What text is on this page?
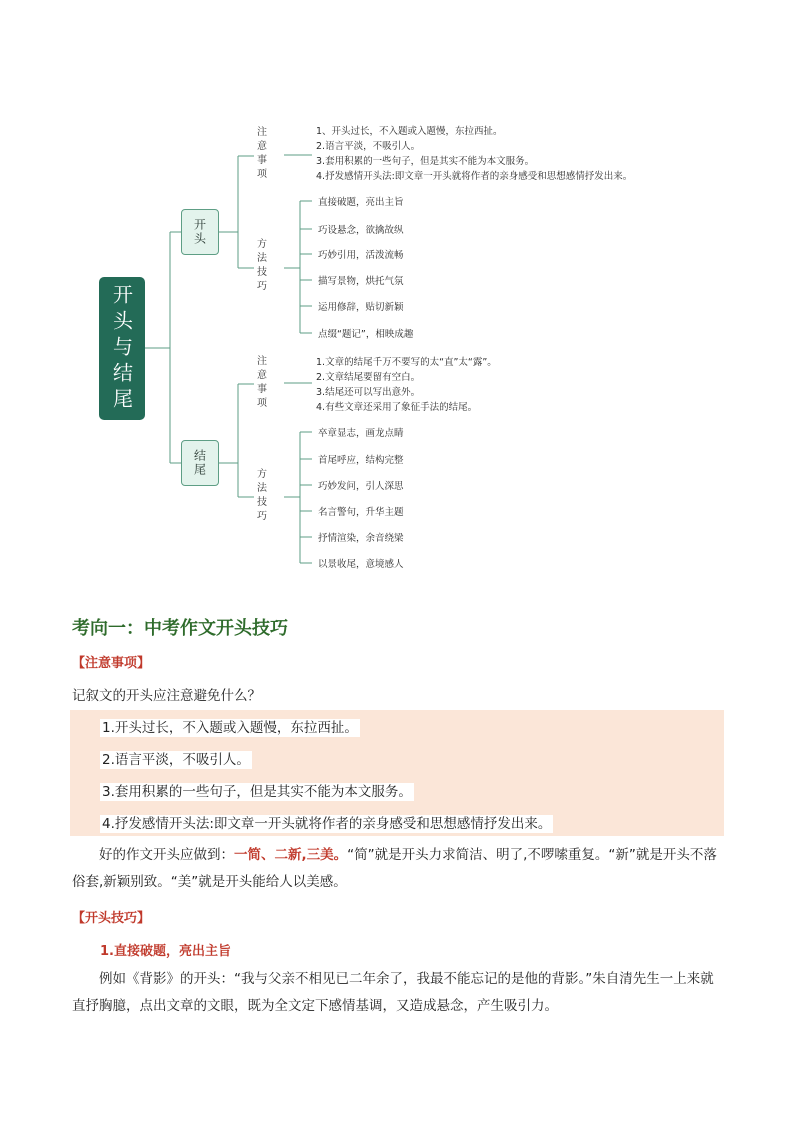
开头与结尾
开头
注意事项
1、开头过长，不入题或入题慢，东拉西扯。
2.语言平淡，不吸引人。
3.套用积累的一些句子，但是其实不能为本文服务。
4.抒发感情开头法:即文章一开头就将作者的亲身感受和思想感情抒发出来。
方法技巧
直接破题，亮出主旨
巧设悬念，欲擒故纵
巧妙引用，活泼流畅
描写景物，烘托气氛
运用修辞，贴切新颖
点缀“题记”，相映成趣
结尾
注意事项
1.文章的结尾千万不要写的太“直”太“露”。
2.文章结尾要留有空白。
3.结尾还可以写出意外。
4.有些文章还采用了象征手法的结尾。
方法技巧
卒章显志，画龙点睛
首尾呼应，结构完整
巧妙发问，引人深思
名言警句，升华主题
抒情渲染，余音绕梁
以景收尾，意境感人
考向一：中考作文开头技巧
【注意事项】

记叙文的开头应注意避免什么？

1.开头过长，不入题或入题慢，东拉西扯。
2.语言平淡，不吸引人。
3.套用积累的一些句子，但是其实不能为本文服务。
4.抒发感情开头法:即文章一开头就将作者的亲身感受和思想感情抒发出来。

好的作文开头应做到：一简、二新,三美。“简”就是开头力求简洁、明了,不啰嗦重复。“新”就是开头不落俗套,新颖别致。“美”就是开头能给人以美感。

【开头技巧】
1.直接破题，亮出主旨

例如《背影》的开头：“我与父亲不相见已二年余了，我最不能忘记的是他的背影。”朱自清先生一上来就直抒胸臆，点出文章的文眼，既为全文定下感情基调，又造成悬念，产生吸引力。
